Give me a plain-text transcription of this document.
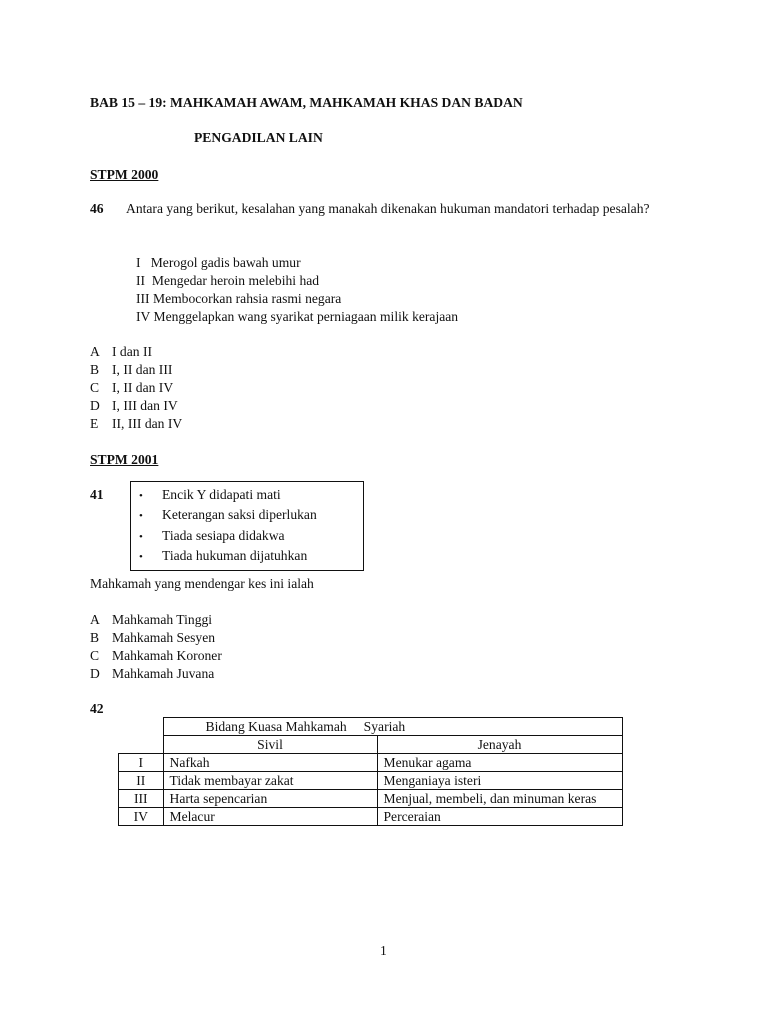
BAB 15 – 19: MAHKAMAH AWAM, MAHKAMAH KHAS DAN BADAN
PENGADILAN LAIN
STPM 2000
46	Antara yang berikut, kesalahan yang manakah dikenakan hukuman mandatori terhadap pesalah?
I   Merogol gadis bawah umur
II  Mengedar heroin melebihi had
III Membocorkan rahsia rasmi negara
IV Menggelapkan wang syarikat perniagaan milik kerajaan
A I dan II
B I, II dan III
C I, II dan IV
D I, III dan IV
E II, III dan IV
STPM 2001
41	• Encik Y didapati mati
• Keterangan saksi diperlukan
• Tiada sesiapa didakwa
• Tiada hukuman dijatuhkan
Mahkamah yang mendengar kes ini ialah
A Mahkamah Tinggi
B Mahkamah Sesyen
C Mahkamah Koroner
D Mahkamah Juvana
42
	Bidang Kuasa Mahkamah     Syariah	
	Sivil	Jenayah
I	Nafkah	Menukar agama
II	Tidak membayar zakat	Menganiaya isteri
III	Harta sepencarian	Menjual, membeli, dan minuman keras
IV	Melacur	Perceraian
1
